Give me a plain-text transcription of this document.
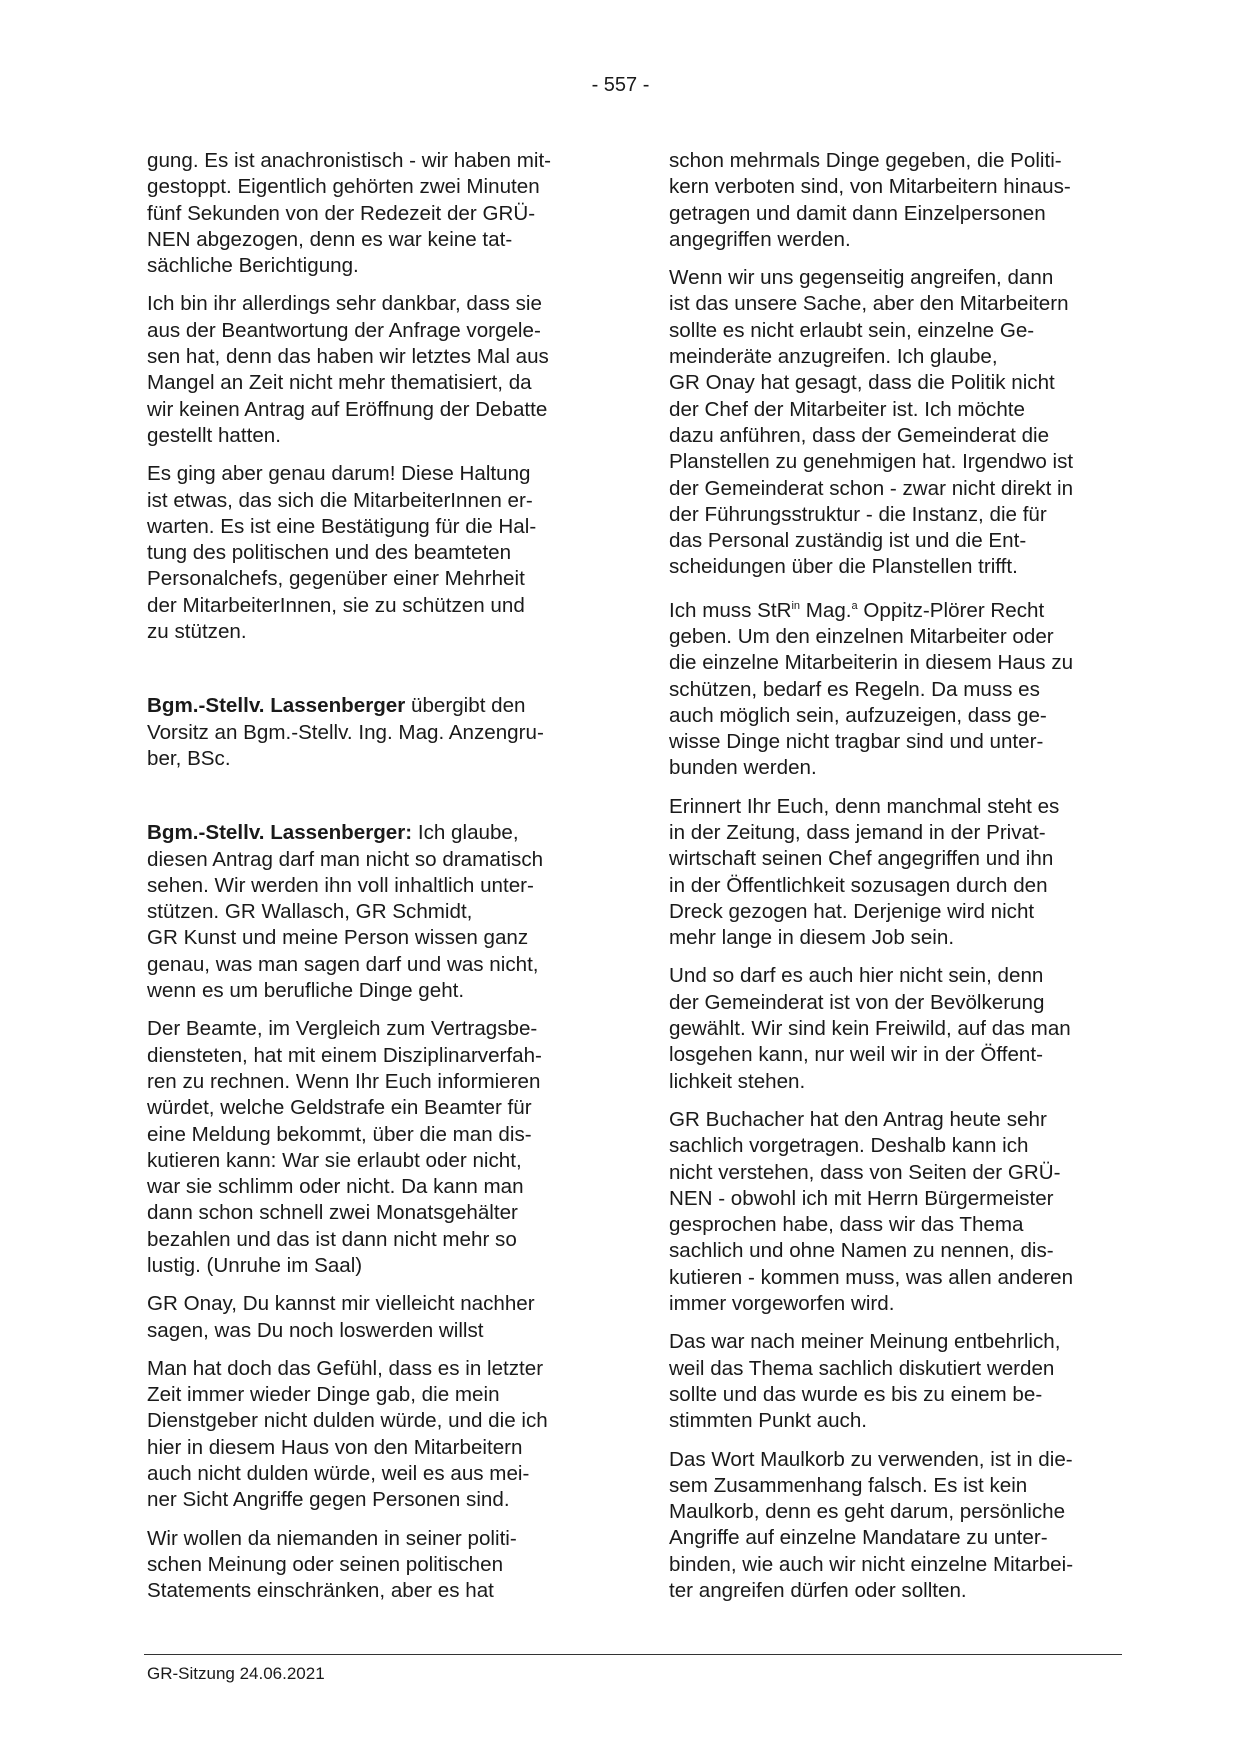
- 557 -

gung. Es ist anachronistisch - wir haben mit-
gestoppt. Eigentlich gehörten zwei Minuten
fünf Sekunden von der Redezeit der GRÜ-
NEN abgezogen, denn es war keine tat-
sächliche Berichtigung.

Ich bin ihr allerdings sehr dankbar, dass sie
aus der Beantwortung der Anfrage vorgele-
sen hat, denn das haben wir letztes Mal aus
Mangel an Zeit nicht mehr thematisiert, da
wir keinen Antrag auf Eröffnung der Debatte
gestellt hatten.

Es ging aber genau darum! Diese Haltung
ist etwas, das sich die MitarbeiterInnen er-
warten. Es ist eine Bestätigung für die Hal-
tung des politischen und des beamteten
Personalchefs, gegenüber einer Mehrheit
der MitarbeiterInnen, sie zu schützen und
zu stützen.

Bgm.-Stellv. Lassenberger übergibt den
Vorsitz an Bgm.-Stellv. Ing. Mag. Anzengru-
ber, BSc.

Bgm.-Stellv. Lassenberger: Ich glaube,
diesen Antrag darf man nicht so dramatisch
sehen. Wir werden ihn voll inhaltlich unter-
stützen. GR Wallasch, GR Schmidt,
GR Kunst und meine Person wissen ganz
genau, was man sagen darf und was nicht,
wenn es um berufliche Dinge geht.

Der Beamte, im Vergleich zum Vertragsbe-
diensteten, hat mit einem Disziplinarverfah-
ren zu rechnen. Wenn Ihr Euch informieren
würdet, welche Geldstrafe ein Beamter für
eine Meldung bekommt, über die man dis-
kutieren kann: War sie erlaubt oder nicht,
war sie schlimm oder nicht. Da kann man
dann schon schnell zwei Monatsgehälter
bezahlen und das ist dann nicht mehr so
lustig. (Unruhe im Saal)

GR Onay, Du kannst mir vielleicht nachher
sagen, was Du noch loswerden willst

Man hat doch das Gefühl, dass es in letzter
Zeit immer wieder Dinge gab, die mein
Dienstgeber nicht dulden würde, und die ich
hier in diesem Haus von den Mitarbeitern
auch nicht dulden würde, weil es aus mei-
ner Sicht Angriffe gegen Personen sind.

Wir wollen da niemanden in seiner politi-
schen Meinung oder seinen politischen
Statements einschränken, aber es hat

schon mehrmals Dinge gegeben, die Politi-
kern verboten sind, von Mitarbeitern hinaus-
getragen und damit dann Einzelpersonen
angegriffen werden.

Wenn wir uns gegenseitig angreifen, dann
ist das unsere Sache, aber den Mitarbeitern
sollte es nicht erlaubt sein, einzelne Ge-
meinderäte anzugreifen. Ich glaube,
GR Onay hat gesagt, dass die Politik nicht
der Chef der Mitarbeiter ist. Ich möchte
dazu anführen, dass der Gemeinderat die
Planstellen zu genehmigen hat. Irgendwo ist
der Gemeinderat schon - zwar nicht direkt in
der Führungsstruktur - die Instanz, die für
das Personal zuständig ist und die Ent-
scheidungen über die Planstellen trifft.

Ich muss StR$^{in}$ Mag.$^a$ Oppitz-Plörer Recht
geben. Um den einzelnen Mitarbeiter oder
die einzelne Mitarbeiterin in diesem Haus zu
schützen, bedarf es Regeln. Da muss es
auch möglich sein, aufzuzeigen, dass ge-
wisse Dinge nicht tragbar sind und unter-
bunden werden.

Erinnert Ihr Euch, denn manchmal steht es
in der Zeitung, dass jemand in der Privat-
wirtschaft seinen Chef angegriffen und ihn
in der Öffentlichkeit sozusagen durch den
Dreck gezogen hat. Derjenige wird nicht
mehr lange in diesem Job sein.

Und so darf es auch hier nicht sein, denn
der Gemeinderat ist von der Bevölkerung
gewählt. Wir sind kein Freiwild, auf das man
losgehen kann, nur weil wir in der Öffent-
lichkeit stehen.

GR Buchacher hat den Antrag heute sehr
sachlich vorgetragen. Deshalb kann ich
nicht verstehen, dass von Seiten der GRÜ-
NEN - obwohl ich mit Herrn Bürgermeister
gesprochen habe, dass wir das Thema
sachlich und ohne Namen zu nennen, dis-
kutieren - kommen muss, was allen anderen
immer vorgeworfen wird.

Das war nach meiner Meinung entbehrlich,
weil das Thema sachlich diskutiert werden
sollte und das wurde es bis zu einem be-
stimmten Punkt auch.

Das Wort Maulkorb zu verwenden, ist in die-
sem Zusammenhang falsch. Es ist kein
Maulkorb, denn es geht darum, persönliche
Angriffe auf einzelne Mandatare zu unter-
binden, wie auch wir nicht einzelne Mitarbei-
ter angreifen dürfen oder sollten.

GR-Sitzung 24.06.2021
